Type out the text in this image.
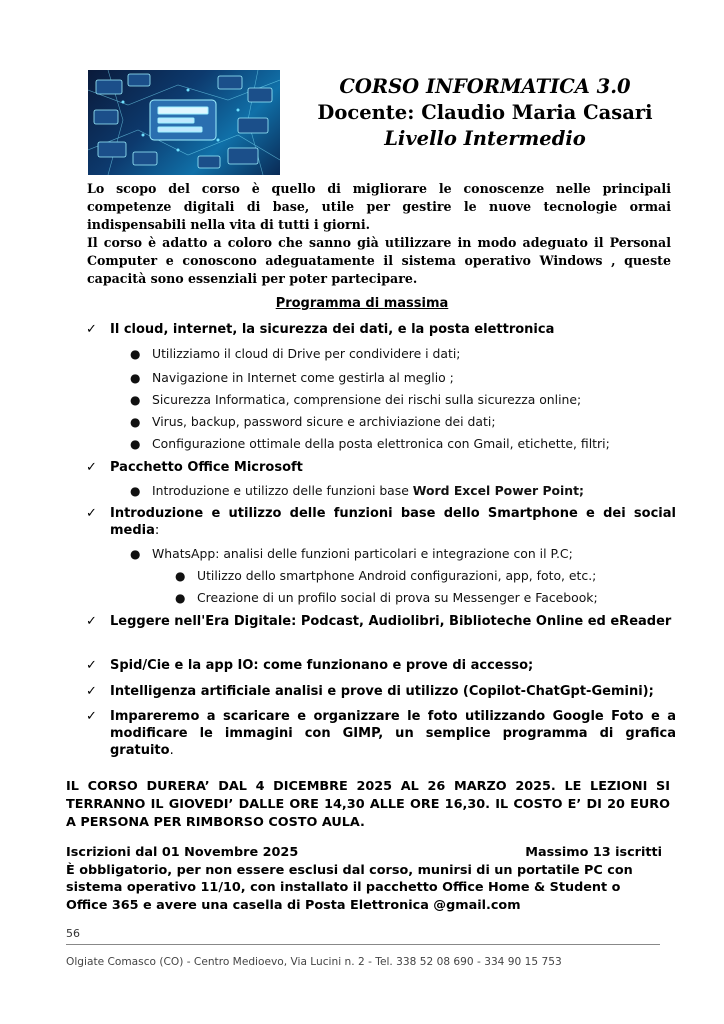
CORSO INFORMATICA 3.0
Docente: Claudio Maria Casari
Livello Intermedio

Lo scopo del corso è quello di migliorare le conoscenze nelle principali competenze digitali di base, utile per gestire le nuove tecnologie ormai indispensabili nella vita di tutti i giorni.

Il corso è adatto a coloro che sanno già utilizzare in modo adeguato il Personal Computer e conoscono adeguatamente il sistema operativo Windows , queste capacità sono essenziali per poter partecipare.

Programma di massima
✓	Il cloud, internet, la sicurezza dei dati, e la posta elettronica
● Utilizziamo il cloud di Drive per condividere i dati;
● Navigazione in Internet come gestirla al meglio ;
● Sicurezza Informatica, comprensione dei rischi sulla sicurezza online;
● Virus, backup, password sicure e archiviazione dei dati;
● Configurazione ottimale della posta elettronica con Gmail, etichette, filtri;
✓	Pacchetto Office Microsoft
● Introduzione e utilizzo delle funzioni base Word Excel Power Point;
✓	Introduzione e utilizzo delle funzioni base dello Smartphone e dei social media:
● WhatsApp: analisi delle funzioni particolari e integrazione con il P.C;
● Utilizzo dello smartphone Android configurazioni, app, foto, etc.;
● Creazione di un profilo social di prova su Messenger e Facebook;
✓	Leggere nell'Era Digitale: Podcast, Audiolibri, Biblioteche Online ed eReader
✓	Spid/Cie e la app IO: come funzionano e prove di accesso;
✓	Intelligenza artificiale analisi e prove di utilizzo (Copilot-ChatGpt-Gemini);
✓	Impareremo a scaricare e organizzare le foto utilizzando Google Foto e a modificare le immagini con GIMP, un semplice programma di grafica gratuito.
IL CORSO DURERA’ DAL 4 DICEMBRE 2025 AL 26 MARZO 2025. LE LEZIONI SI TERRANNO IL GIOVEDI’ DALLE ORE 14,30 ALLE ORE 16,30. IL COSTO E’ DI 20 EURO A PERSONA PER RIMBORSO COSTO AULA.
Iscrizioni dal 01 Novembre 2025	Massimo 13 iscritti
È obbligatorio, per non essere esclusi dal corso, munirsi di un portatile PC con sistema operativo 11/10, con installato il pacchetto Office Home & Student o Office 365 e avere una casella di Posta Elettronica @gmail.com
56
Olgiate Comasco (CO) - Centro Medioevo, Via Lucini n. 2 - Tel. 338 52 08 690 - 334 90 15 753
